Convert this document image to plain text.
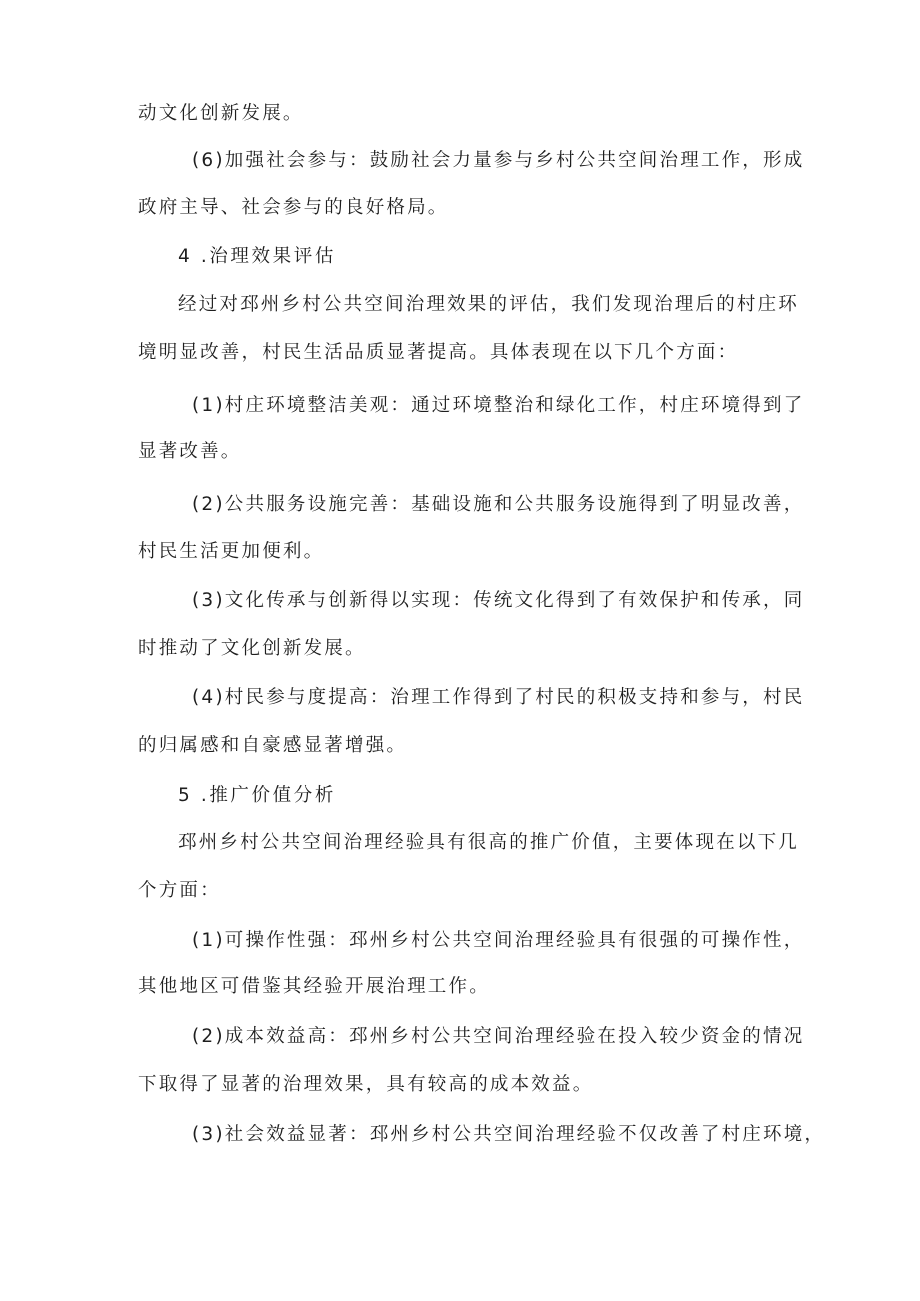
动文化创新发展。
(6)加强社会参与：鼓励社会力量参与乡村公共空间治理工作，形成
政府主导、社会参与的良好格局。
4 .治理效果评估
经过对邳州乡村公共空间治理效果的评估，我们发现治理后的村庄环
境明显改善，村民生活品质显著提高。具体表现在以下几个方面：
(1)村庄环境整洁美观：通过环境整治和绿化工作，村庄环境得到了
显著改善。
(2)公共服务设施完善：基础设施和公共服务设施得到了明显改善，
村民生活更加便利。
(3)文化传承与创新得以实现：传统文化得到了有效保护和传承，同
时推动了文化创新发展。
(4)村民参与度提高：治理工作得到了村民的积极支持和参与，村民
的归属感和自豪感显著增强。
5 .推广价值分析
邳州乡村公共空间治理经验具有很高的推广价值，主要体现在以下几
个方面：
(1)可操作性强：邳州乡村公共空间治理经验具有很强的可操作性，
其他地区可借鉴其经验开展治理工作。
(2)成本效益高：邳州乡村公共空间治理经验在投入较少资金的情况
下取得了显著的治理效果，具有较高的成本效益。
(3)社会效益显著：邳州乡村公共空间治理经验不仅改善了村庄环境，
